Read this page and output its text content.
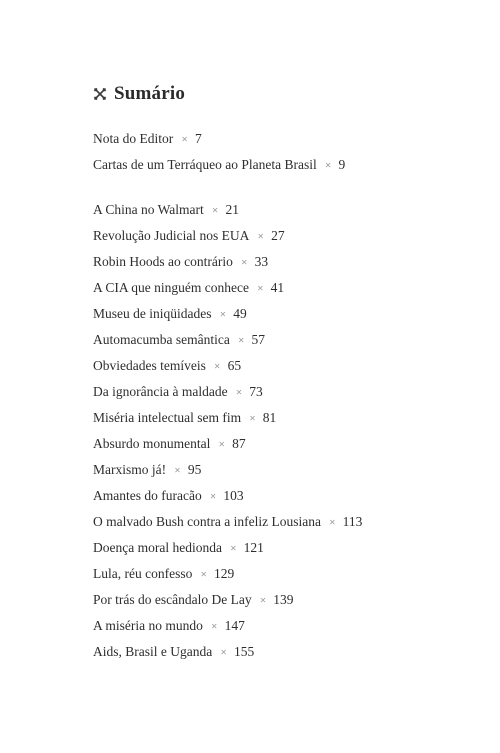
Sumário
Nota do Editor ✕ 7
Cartas de um Terráqueo ao Planeta Brasil ✕ 9
A China no Walmart ✕ 21
Revolução Judicial nos EUA ✕ 27
Robin Hoods ao contrário ✕ 33
A CIA que ninguém conhece ✕ 41
Museu de iniqüidades ✕ 49
Automacumba semântica ✕ 57
Obviedades temíveis ✕ 65
Da ignorância à maldade ✕ 73
Miséria intelectual sem fim ✕ 81
Absurdo monumental ✕ 87
Marxismo já! ✕ 95
Amantes do furacão ✕ 103
O malvado Bush contra a infeliz Lousiana ✕ 113
Doença moral hedionda ✕ 121
Lula, réu confesso ✕ 129
Por trás do escândalo De Lay ✕ 139
A miséria no mundo ✕ 147
Aids, Brasil e Uganda ✕ 155
